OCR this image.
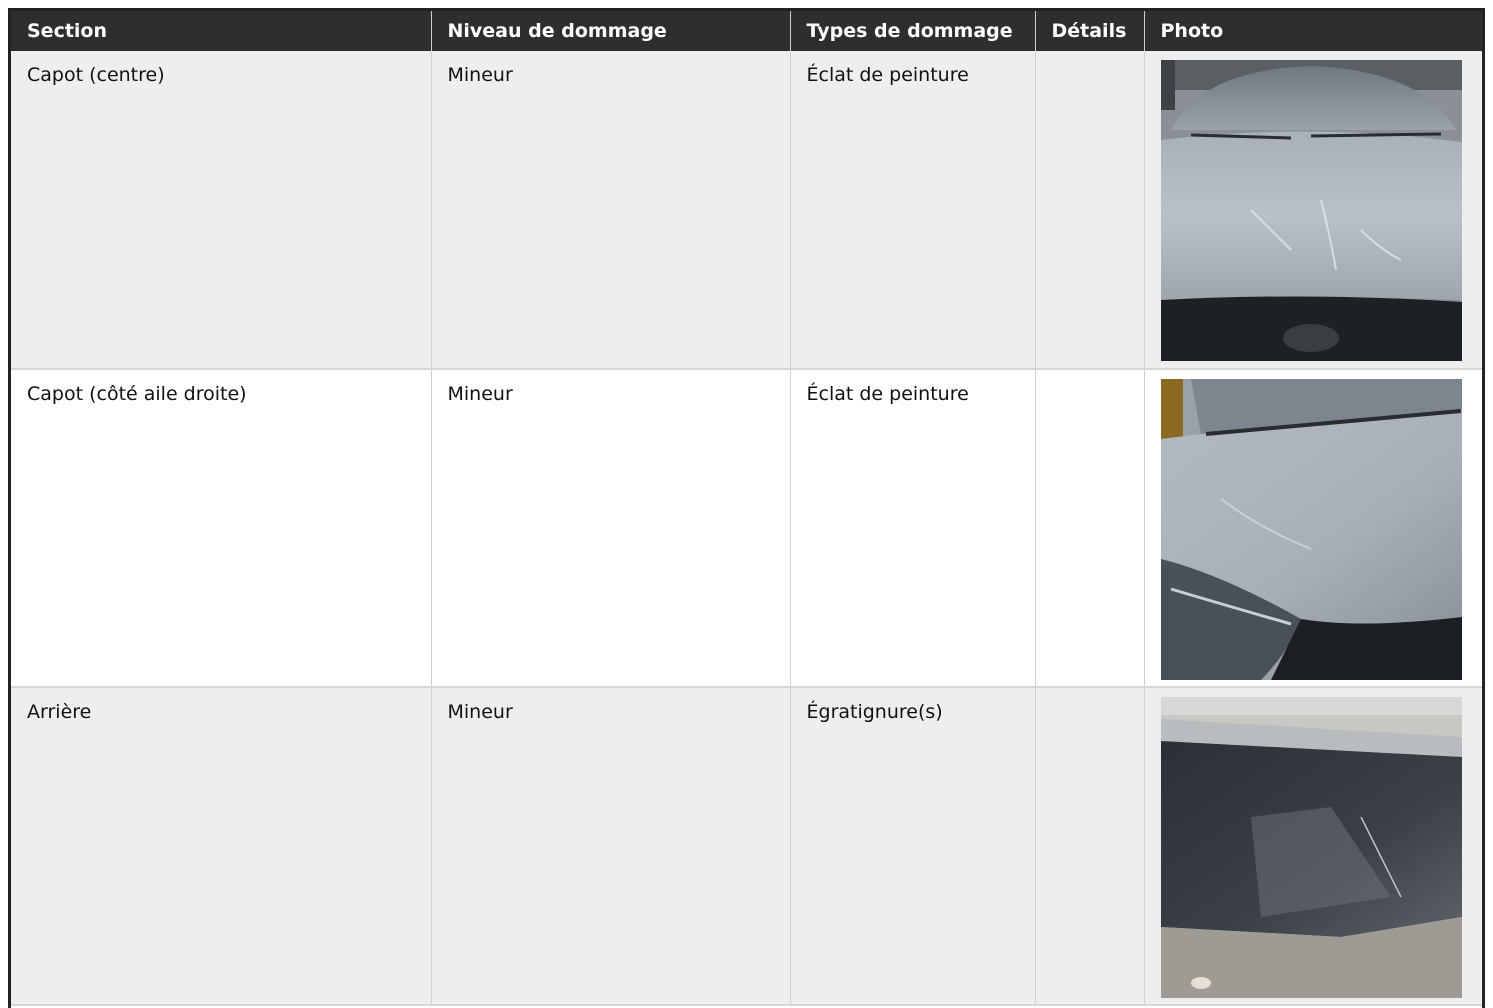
Section	Niveau de dommage	Types de dommage	Détails	Photo
Capot (centre)	Mineur	Éclat de peinture		

Capot (côté aile droite)	Mineur	Éclat de peinture		

Arrière	Mineur	Égratignure(s)		
